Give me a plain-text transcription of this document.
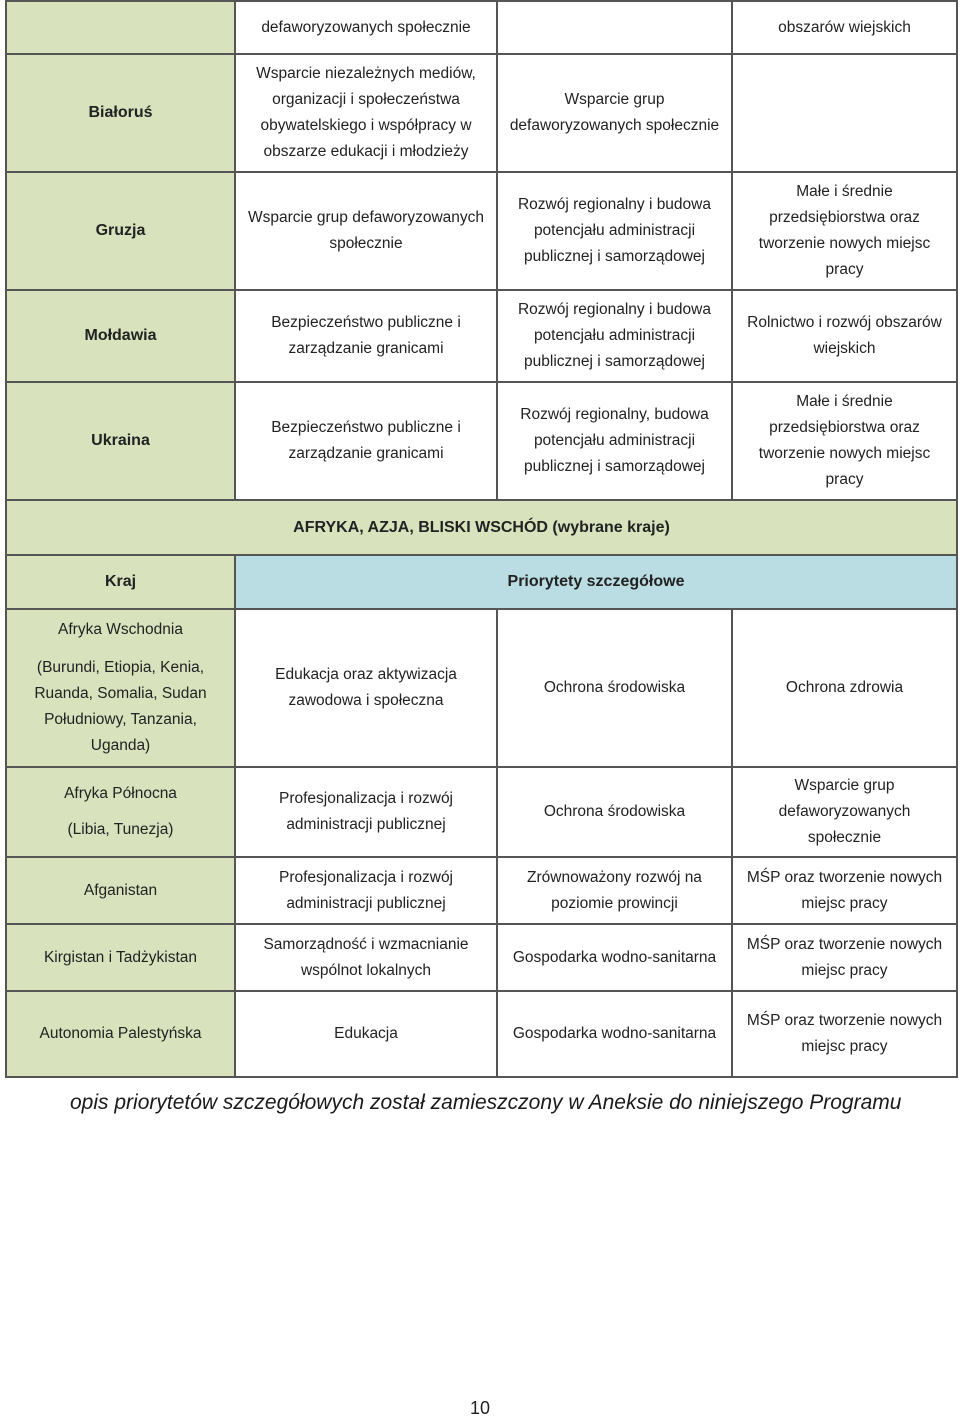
	defaworyzowanych społecznie		obszarów wiejskich
Białoruś	Wsparcie niezależnych mediów, organizacji i społeczeństwa obywatelskiego i współpracy w obszarze edukacji i młodzieży	Wsparcie grup defaworyzowanych społecznie	
Gruzja	Wsparcie grup defaworyzowanych społecznie	Rozwój regionalny i budowa potencjału administracji publicznej i samorządowej	Małe i średnie przedsiębiorstwa oraz tworzenie nowych miejsc pracy
Mołdawia	Bezpieczeństwo publiczne i zarządzanie granicami	Rozwój regionalny i budowa potencjału administracji publicznej i samorządowej	Rolnictwo i rozwój obszarów wiejskich
Ukraina	Bezpieczeństwo publiczne i zarządzanie granicami	Rozwój regionalny, budowa potencjału administracji publicznej i samorządowej	Małe i średnie przedsiębiorstwa oraz tworzenie nowych miejsc pracy
AFRYKA, AZJA, BLISKI WSCHÓD (wybrane kraje)			
Kraj	Priorytety szczegółowe		

Afryka Wschodnia
(Burundi, Etiopia, Kenia, Ruanda, Somalia, Sudan Południowy, Tanzania, Uganda)	Edukacja oraz aktywizacja zawodowa i społeczna	Ochrona środowiska	Ochrona zdrowia

Afryka Północna
(Libia, Tunezja)	Profesjonalizacja i rozwój administracji publicznej	Ochrona środowiska	Wsparcie grup defaworyzowanych społecznie
Afganistan	Profesjonalizacja i rozwój administracji publicznej	Zrównoważony rozwój na poziomie prowincji	MŚP oraz tworzenie nowych miejsc pracy
Kirgistan i Tadżykistan	Samorządność i wzmacnianie wspólnot lokalnych	Gospodarka wodno-sanitarna	MŚP oraz tworzenie nowych miejsc pracy
Autonomia Palestyńska	Edukacja	Gospodarka wodno-sanitarna	MŚP oraz tworzenie nowych miejsc pracy
opis priorytetów szczegółowych został zamieszczony w Aneksie do niniejszego Programu
10
